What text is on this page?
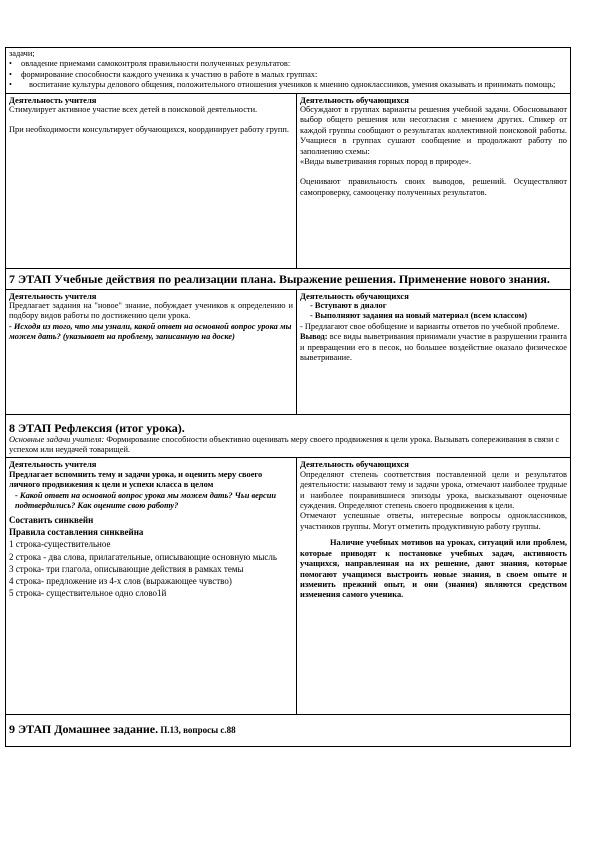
задачи;
•	овладение приемами самоконтроля правильности полученных результатов:
•	формирование способности каждого ученика к участию в работе в малых группах:
•	воспитание культуры делового общения, положительного отношения учеников к мнению одноклассников, умения оказывать и принимать помощь;
Деятельность учителя
Стимулирует активное участие всех детей в поисковой деятельности.
При необходимости консультирует обучающихся, координирует работу групп.
Деятельность обучающихся
Обсуждают в группах варианты решения учебной задачи. Обосновывают выбор общего решения или несогласия с мнением других. Спикер от каждой группы сообщают о результатах коллективной поисковой работы. Учащиеся в группах сушают сообщение и продолжают работу по заполнению схемы:
«Виды выветривания горных пород в природе».
Оценивают правильность своих выводов, решений. Осуществляют самопроверку, самооценку полученных результатов.
7 ЭТАП Учебные действия по реализации плана. Выражение решения. Применение нового знания.
Деятельность учителя
Предлагает задания на "новое" знание, побуждает учеников к определению и подбору видов работы по достижению цели урока.
- Исходя из того, что мы узнали, какой ответ на основной вопрос урока мы можем дать? (указывает на проблему, записанную на доске)
Деятельность обучающихся
- Вступают в диалог
- Выполняют задания на новый материал (всем классом)
- Предлагают свое обобщение и варианты ответов по учебной проблеме.
Вывод: все виды выветривания принимали участие в разрушении гранита и превращении его в песок, но большее воздействие оказало физическое выветривание.
8 ЭТАП Рефлексия (итог урока).
Основные задачи учителя: Формирование способности объективно оценивать меру своего продвижения к цели урока. Вызывать сопереживания в связи с успехом или неудачей товарищей.
Деятельность учителя
Предлагает вспомнить тему и задачи урока, и оценить меру своего личного продвижения к цели и успехи класса в целом
- Какой ответ на основной вопрос урока мы можем дать? Чьи версии подтвердились? Как оцените свою работу?
Составить синквейн
Правила составления синквейна
1 строка-существительное
2 строка - два слова, прилагательные, описывающие основную мысль
3 строка- три глагола, описывающие действия в рамках темы
4 строка- предложение из 4-х слов (выражающее чувство)
5 строка- существительное одно слово1й
Деятельность обучающихся
Определяют степень соответствия поставленной цели и результатов деятельности: называют тему и задачи урока, отмечают наиболее трудные и наиболее понравившиеся эпизоды урока, высказывают оценочные суждения. Определяют степень своего продвижения к цели.
Отмечают успешные ответы, интересные вопросы одноклассников, участников группы. Могут отметить продуктивную работу группы.
Наличие учебных мотивов на уроках, ситуаций или проблем, которые приводят к постановке учебных задач, активность учащихся, направленная на их решение, дают знания, которые помогают учащимся выстроить новые знания, в своем опыте и изменить прежний опыт, и они (знания) являются средством изменения самого ученика.
9 ЭТАП Домашнее задание. П.13, вопросы с.88
